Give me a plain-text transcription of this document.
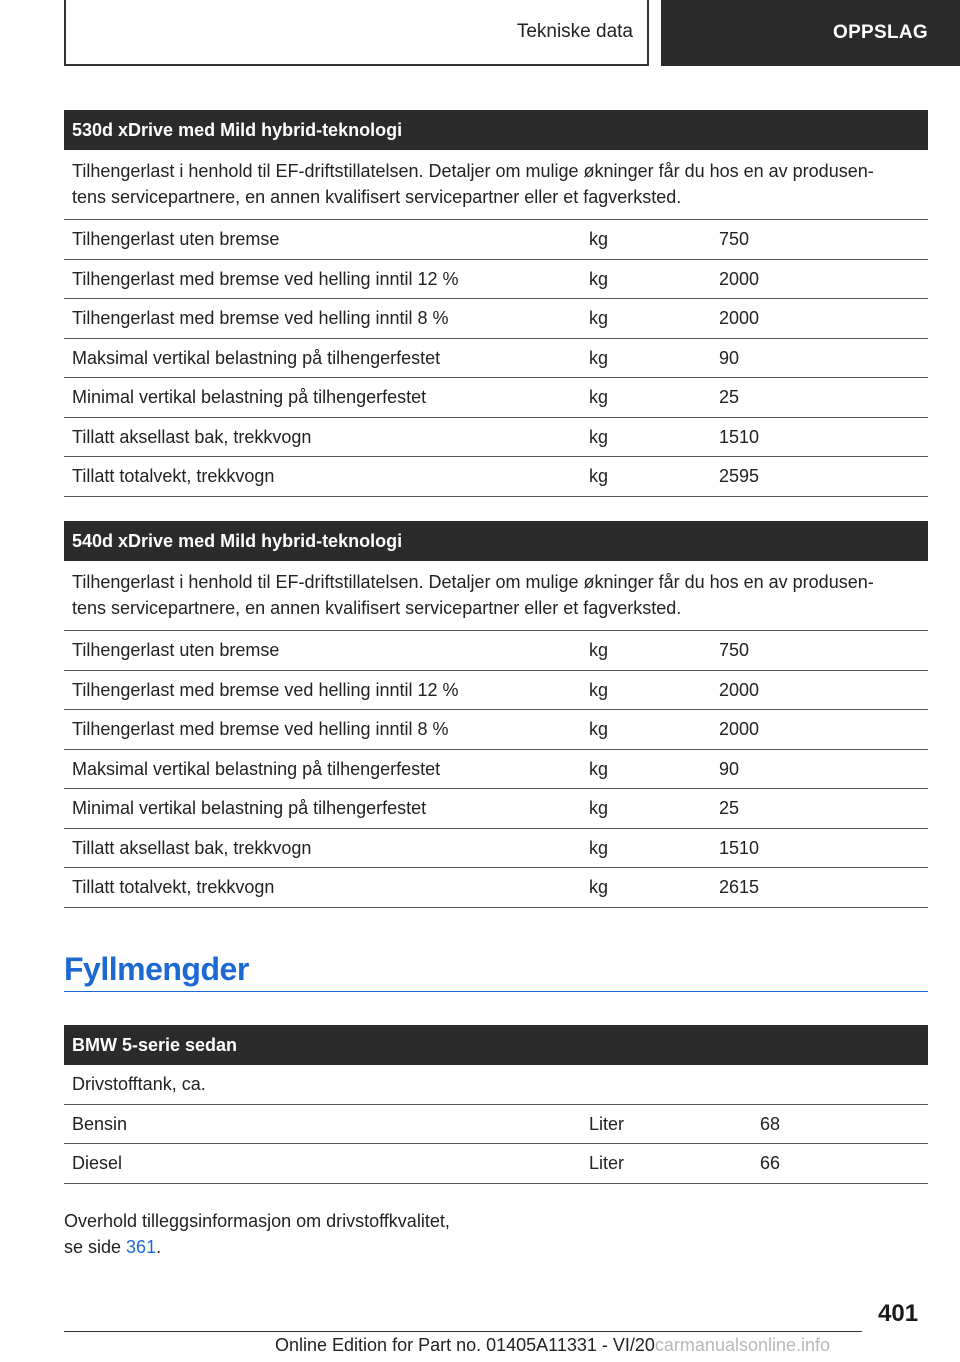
Tekniske data	OPPSLAG
530d xDrive med Mild hybrid-teknologi
Tilhengerlast i henhold til EF-driftstillatelsen. Detaljer om mulige økninger får du hos en av produsen-
tens servicepartnere, en annen kvalifisert servicepartner eller et fagverksted.
Tilhengerlast uten bremse	kg	750
Tilhengerlast med bremse ved helling inntil 12 %	kg	2000
Tilhengerlast med bremse ved helling inntil 8 %	kg	2000
Maksimal vertikal belastning på tilhengerfestet	kg	90
Minimal vertikal belastning på tilhengerfestet	kg	25
Tillatt aksellast bak, trekkvogn	kg	1510
Tillatt totalvekt, trekkvogn	kg	2595
540d xDrive med Mild hybrid-teknologi
Tilhengerlast i henhold til EF-driftstillatelsen. Detaljer om mulige økninger får du hos en av produsen-
tens servicepartnere, en annen kvalifisert servicepartner eller et fagverksted.
Tilhengerlast uten bremse	kg	750
Tilhengerlast med bremse ved helling inntil 12 %	kg	2000
Tilhengerlast med bremse ved helling inntil 8 %	kg	2000
Maksimal vertikal belastning på tilhengerfestet	kg	90
Minimal vertikal belastning på tilhengerfestet	kg	25
Tillatt aksellast bak, trekkvogn	kg	1510
Tillatt totalvekt, trekkvogn	kg	2615
Fyllmengder
BMW 5-serie sedan
Drivstofftank, ca.
Bensin	Liter	68
Diesel	Liter	66
Overhold tilleggsinformasjon om drivstoffkvalitet,
se side 361.
401
Online Edition for Part no. 01405A11331 - VI/20carmanualsonline.info
